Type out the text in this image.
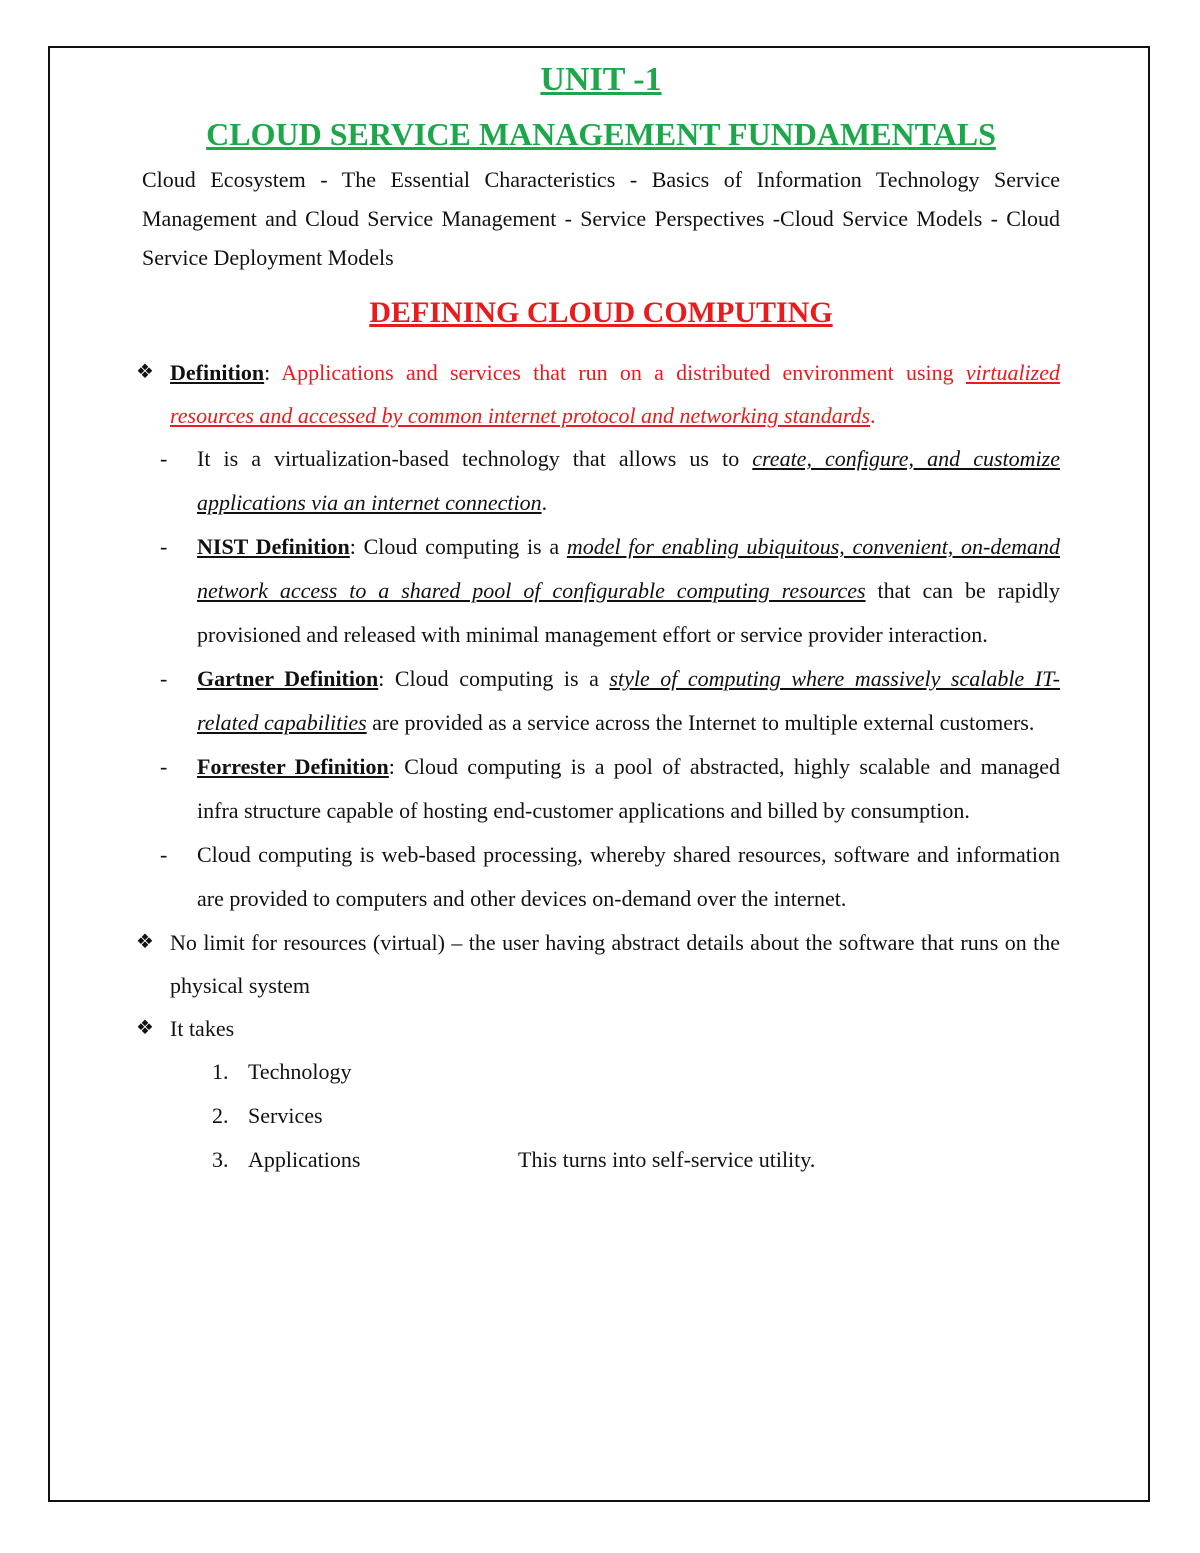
UNIT -1
CLOUD SERVICE MANAGEMENT FUNDAMENTALS

Cloud Ecosystem - The Essential Characteristics - Basics of Information Technology Service Management and Cloud Service Management - Service Perspectives -Cloud Service Models - Cloud Service Deployment Models

DEFINING CLOUD COMPUTING
❖ Definition: Applications and services that run on a distributed environment using virtualized resources and accessed by common internet protocol and networking standards.
- It is a virtualization-based technology that allows us to create, configure, and customize applications via an internet connection.
- NIST Definition: Cloud computing is a model for enabling ubiquitous, convenient, on-demand network access to a shared pool of configurable computing resources that can be rapidly provisioned and released with minimal management effort or service provider interaction.
- Gartner Definition: Cloud computing is a style of computing where massively scalable IT-related capabilities are provided as a service across the Internet to multiple external customers.
- Forrester Definition: Cloud computing is a pool of abstracted, highly scalable and managed infra structure capable of hosting end-customer applications and billed by consumption.
- Cloud computing is web-based processing, whereby shared resources, software and information are provided to computers and other devices on-demand over the internet.
❖ No limit for resources (virtual) – the user having abstract details about the software that runs on the physical system
❖ It takes
1. Technology
2. Services
3. Applications	This turns into self-service utility.
